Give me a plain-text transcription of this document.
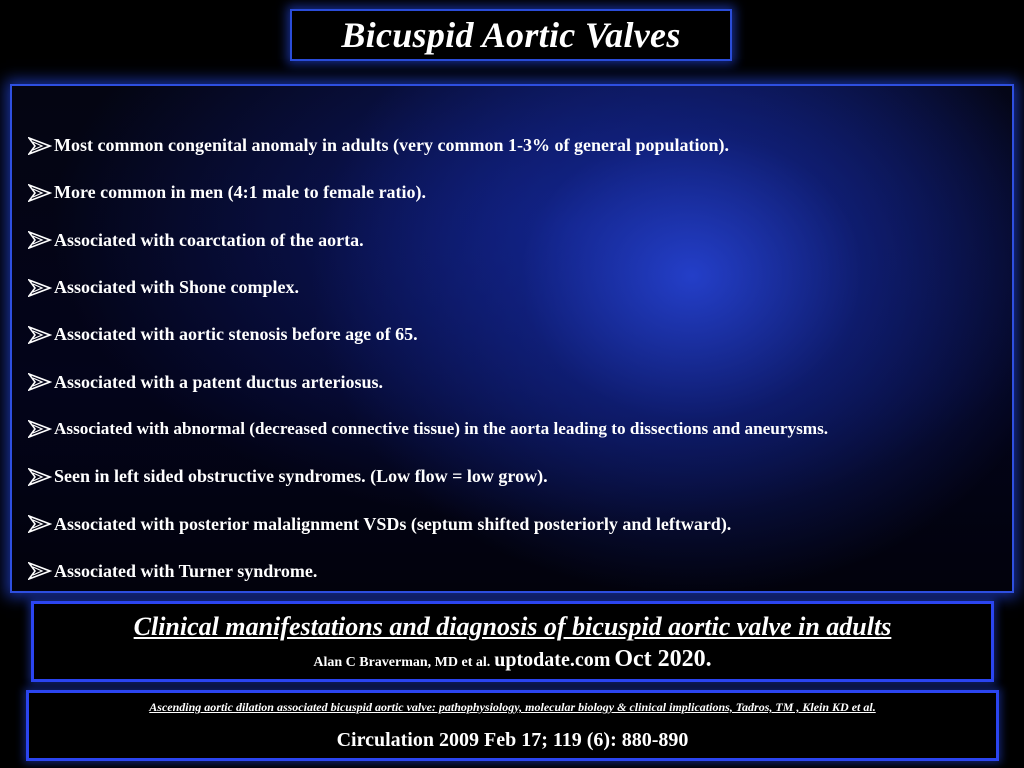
Bicuspid Aortic Valves
Most common congenital anomaly in adults (very common 1-3% of general population).
More common in men (4:1 male to female ratio).
Associated with coarctation of the aorta.
Associated with Shone complex.
Associated with aortic stenosis before age of 65.
Associated with a patent ductus arteriosus.
Associated with abnormal (decreased connective tissue) in the aorta leading to dissections and aneurysms.
Seen in left sided obstructive syndromes. (Low flow = low grow).
Associated with posterior malalignment VSDs (septum shifted posteriorly and leftward).
Associated with Turner syndrome.
Clinical manifestations and diagnosis of bicuspid aortic valve in adults
Alan C Braverman, MD et al. uptodate.com Oct 2020.
Ascending aortic dilation associated bicuspid aortic valve: pathophysiology, molecular biology & clinical implications, Tadros, TM , Klein KD et al.
Circulation 2009 Feb 17; 119 (6): 880-890
